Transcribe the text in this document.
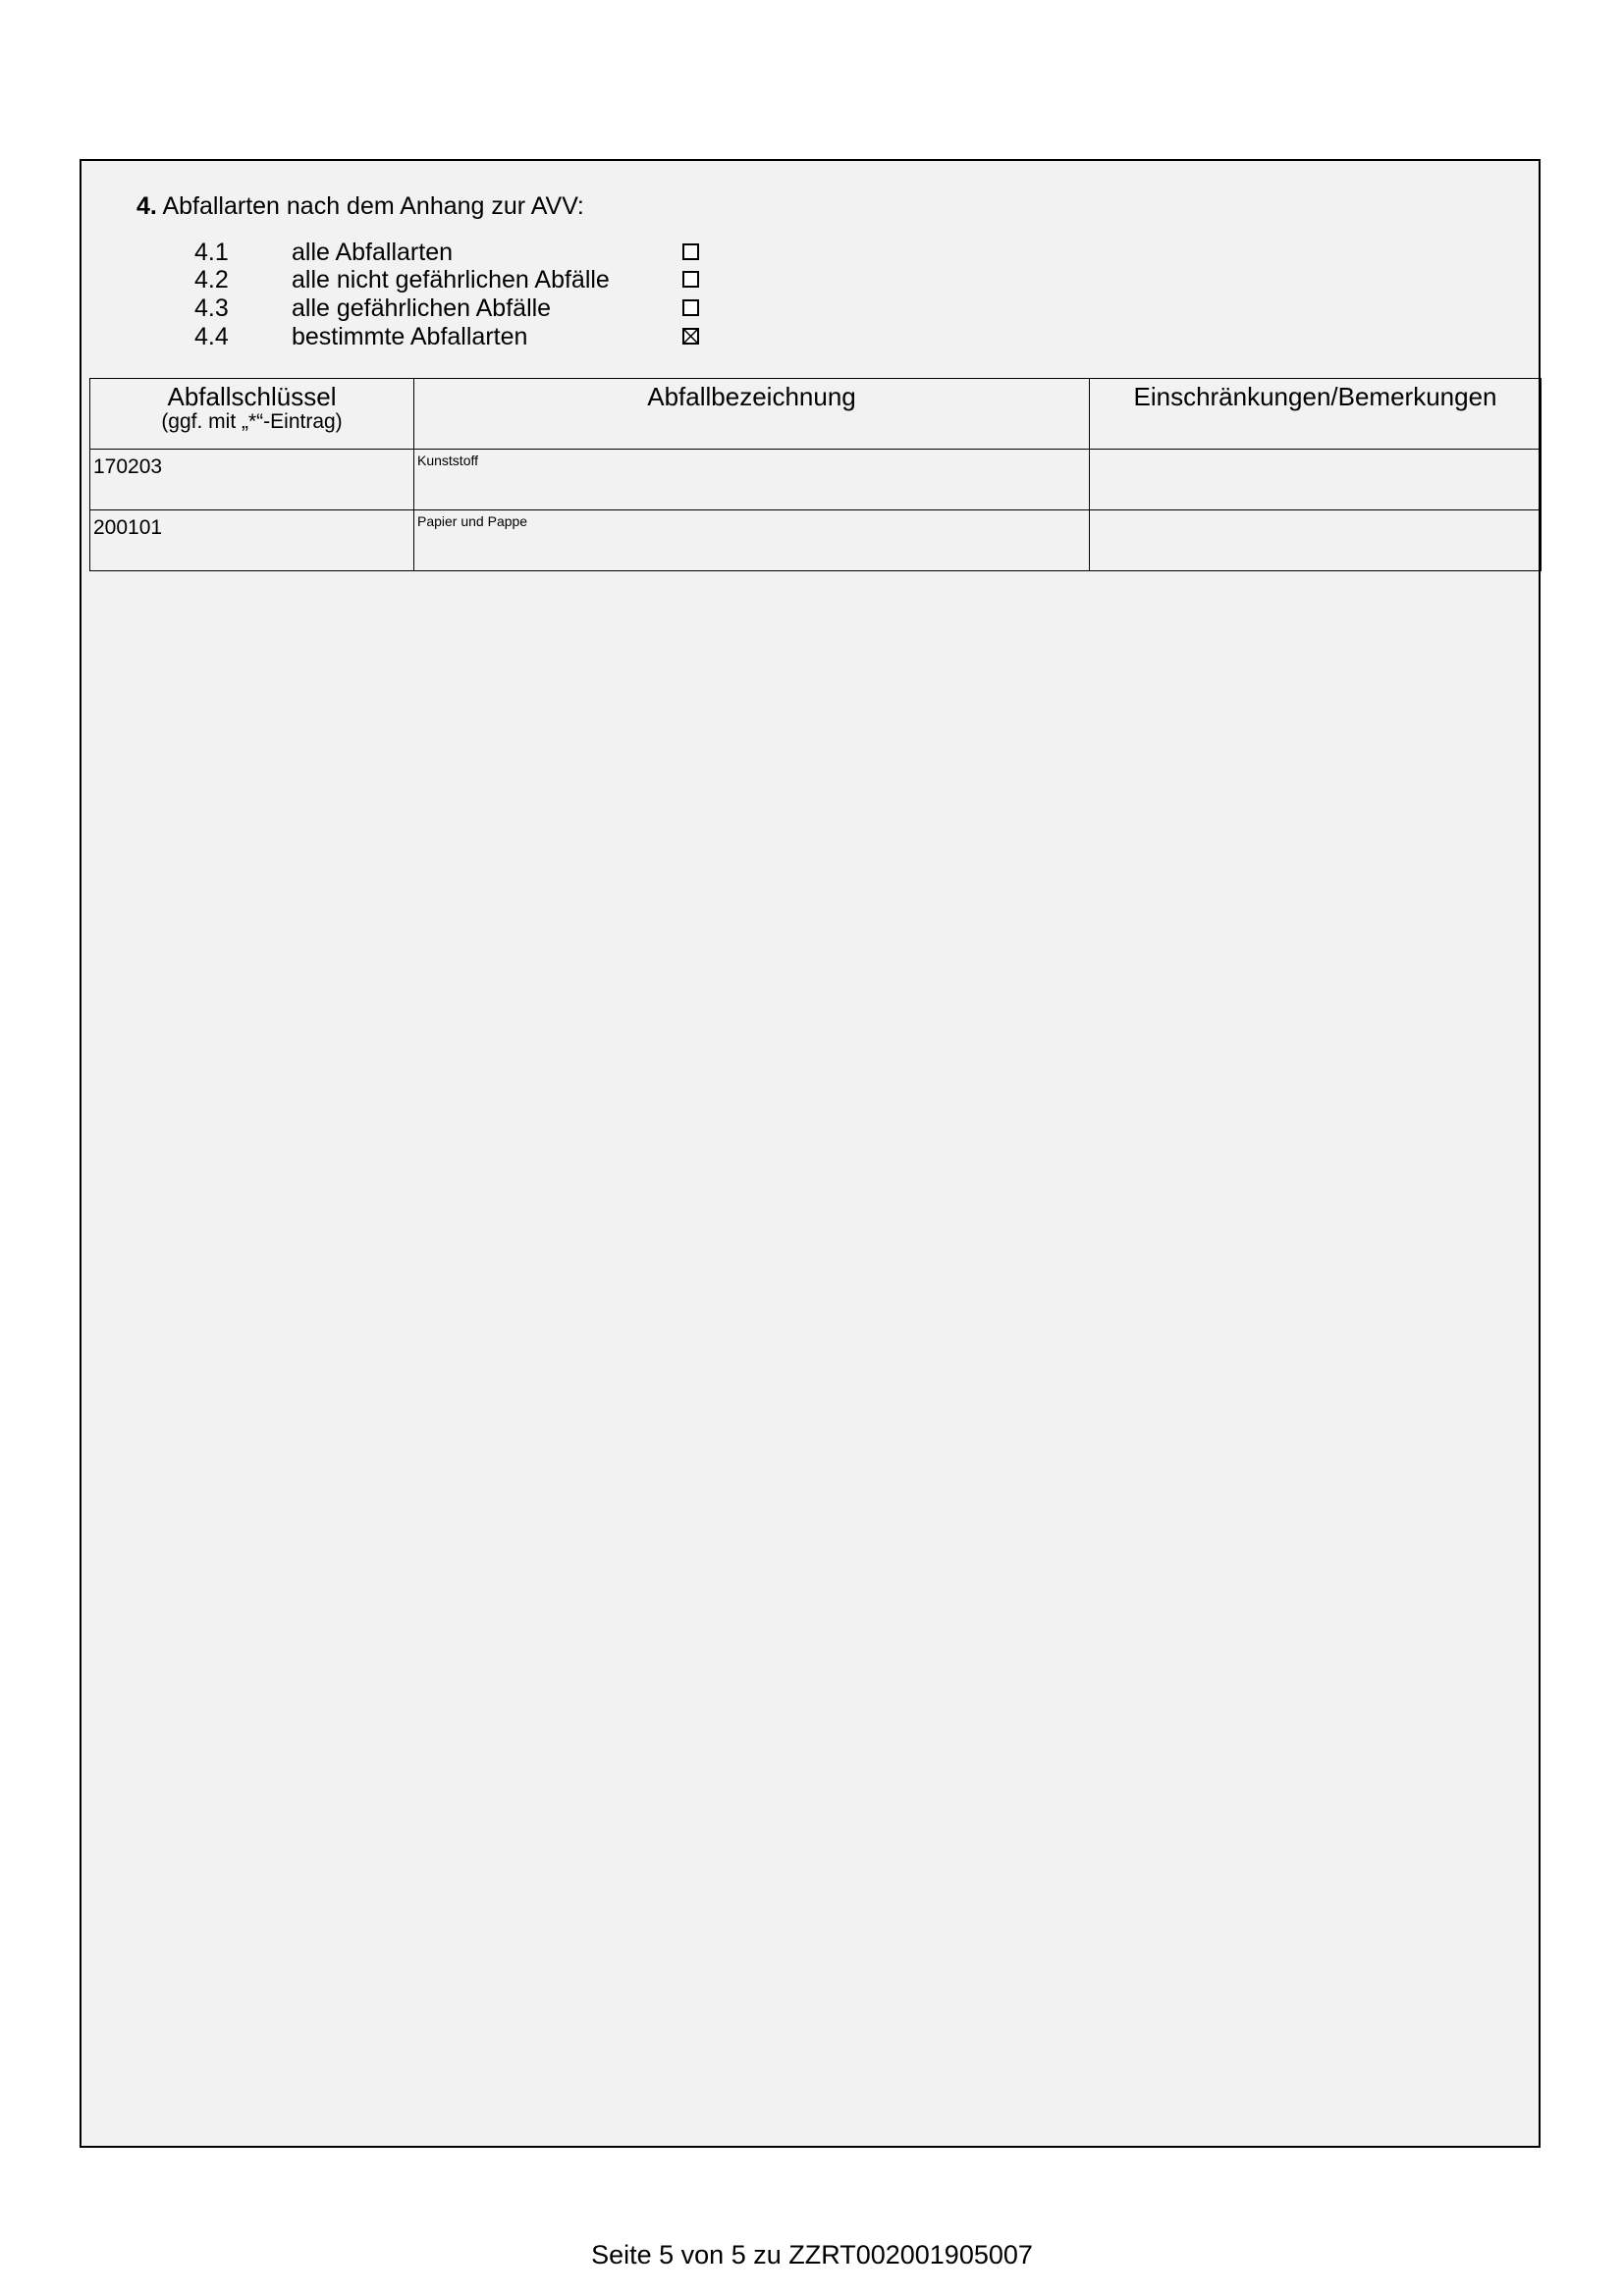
4. Abfallarten nach dem Anhang zur AVV:
4.1	alle Abfallarten
4.2	alle nicht gefährlichen Abfälle
4.3	alle gefährlichen Abfälle
4.4	bestimmte Abfallarten
Abfallschlüssel
(ggf. mit „*“-Eintrag)	Abfallbezeichnung	Einschränkungen/Bemerkungen
170203	Kunststoff	
200101	Papier und Pappe	
Seite 5 von 5 zu ZZRT002001905007
